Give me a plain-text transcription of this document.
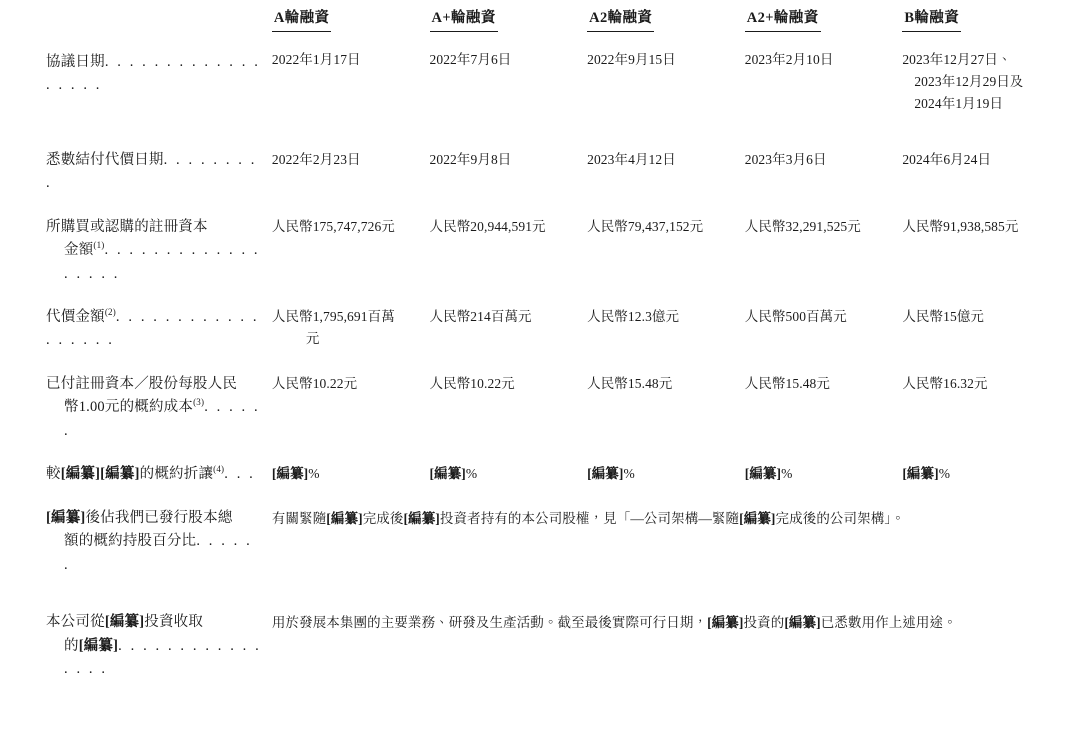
	A輪融資	A+輪融資	A2輪融資	A2+輪融資	B輪融資

協議日期. . . . . . . . . . . . . . . . . .	2022年1月17日	2022年7月6日	2022年9月15日	2023年2月10日	2023年12月27日、
2023年12月29日及
2024年1月19日

悉數結付代價日期. . . . . . . . .	2022年2月23日	2022年9月8日	2023年4月12日	2023年3月6日	2024年6月24日

所購買或認購的註冊資本
金額$^{(1)}$. . . . . . . . . . . . . . . . . .	人民幣175,747,726元	人民幣20,944,591元	人民幣79,437,152元	人民幣32,291,525元	人民幣91,938,585元

代價金額$^{(2)}$. . . . . . . . . . . . . . . . . .	人民幣1,795,691百萬
元	人民幣214百萬元	人民幣12.3億元	人民幣500百萬元	人民幣15億元

已付註冊資本／股份每股人民
幣1.00元的概約成本$^{(3)}$. . . . . .	人民幣10.22元	人民幣10.22元	人民幣15.48元	人民幣15.48元	人民幣16.32元

較[編纂][編纂]的概約折讓$^{(4)}$. . .	[編纂]%	[編纂]%	[編纂]%	[編纂]%	[編纂]%

[編纂]後佔我們已發行股本總
額的概約持股百分比. . . . . .	有關緊隨[編纂]完成後[編纂]投資者持有的本公司股權，見「—公司架構—緊隨[編纂]完成後的公司架構」。				

本公司從[編纂]投資收取
的[編纂]. . . . . . . . . . . . . . . .	用於發展本集團的主要業務、研發及生產活動。截至最後實際可行日期，[編纂]投資的[編纂]已悉數用作上述用途。				
